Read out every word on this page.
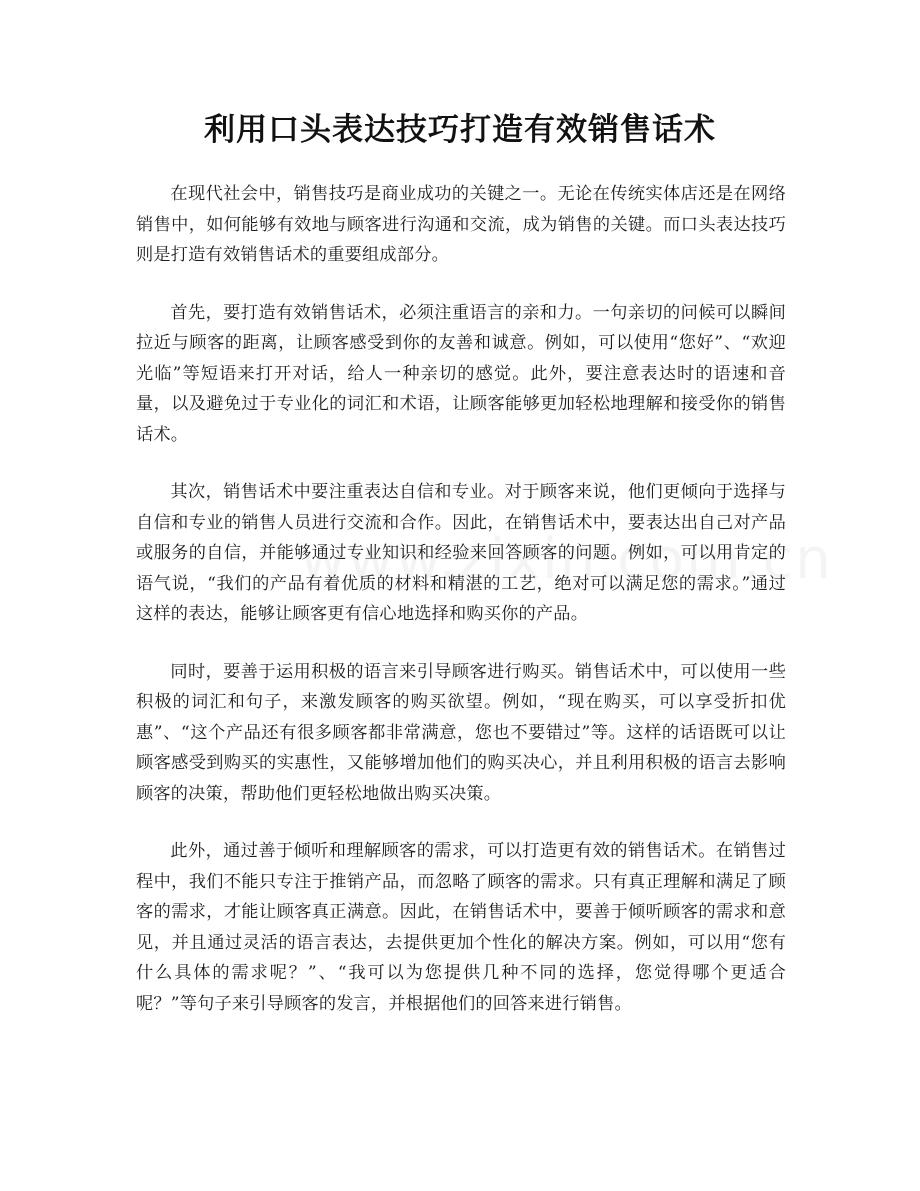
利用口头表达技巧打造有效销售话术

在现代社会中，销售技巧是商业成功的关键之一。无论在传统实体店还是在网络销售中，如何能够有效地与顾客进行沟通和交流，成为销售的关键。而口头表达技巧则是打造有效销售话术的重要组成部分。

首先，要打造有效销售话术，必须注重语言的亲和力。一句亲切的问候可以瞬间拉近与顾客的距离，让顾客感受到你的友善和诚意。例如，可以使用“您好”、“欢迎光临”等短语来打开对话，给人一种亲切的感觉。此外，要注意表达时的语速和音量，以及避免过于专业化的词汇和术语，让顾客能够更加轻松地理解和接受你的销售话术。

其次，销售话术中要注重表达自信和专业。对于顾客来说，他们更倾向于选择与自信和专业的销售人员进行交流和合作。因此，在销售话术中，要表达出自己对产品或服务的自信，并能够通过专业知识和经验来回答顾客的问题。例如，可以用肯定的语气说，“我们的产品有着优质的材料和精湛的工艺，绝对可以满足您的需求。”通过这样的表达，能够让顾客更有信心地选择和购买你的产品。

同时，要善于运用积极的语言来引导顾客进行购买。销售话术中，可以使用一些积极的词汇和句子，来激发顾客的购买欲望。例如，“现在购买，可以享受折扣优惠”、“这个产品还有很多顾客都非常满意，您也不要错过”等。这样的话语既可以让顾客感受到购买的实惠性，又能够增加他们的购买决心，并且利用积极的语言去影响顾客的决策，帮助他们更轻松地做出购买决策。

此外，通过善于倾听和理解顾客的需求，可以打造更有效的销售话术。在销售过程中，我们不能只专注于推销产品，而忽略了顾客的需求。只有真正理解和满足了顾客的需求，才能让顾客真正满意。因此，在销售话术中，要善于倾听顾客的需求和意见，并且通过灵活的语言表达，去提供更加个性化的解决方案。例如，可以用“您有什么具体的需求呢？”、“我可以为您提供几种不同的选择，您觉得哪个更适合呢？”等句子来引导顾客的发言，并根据他们的回答来进行销售。
